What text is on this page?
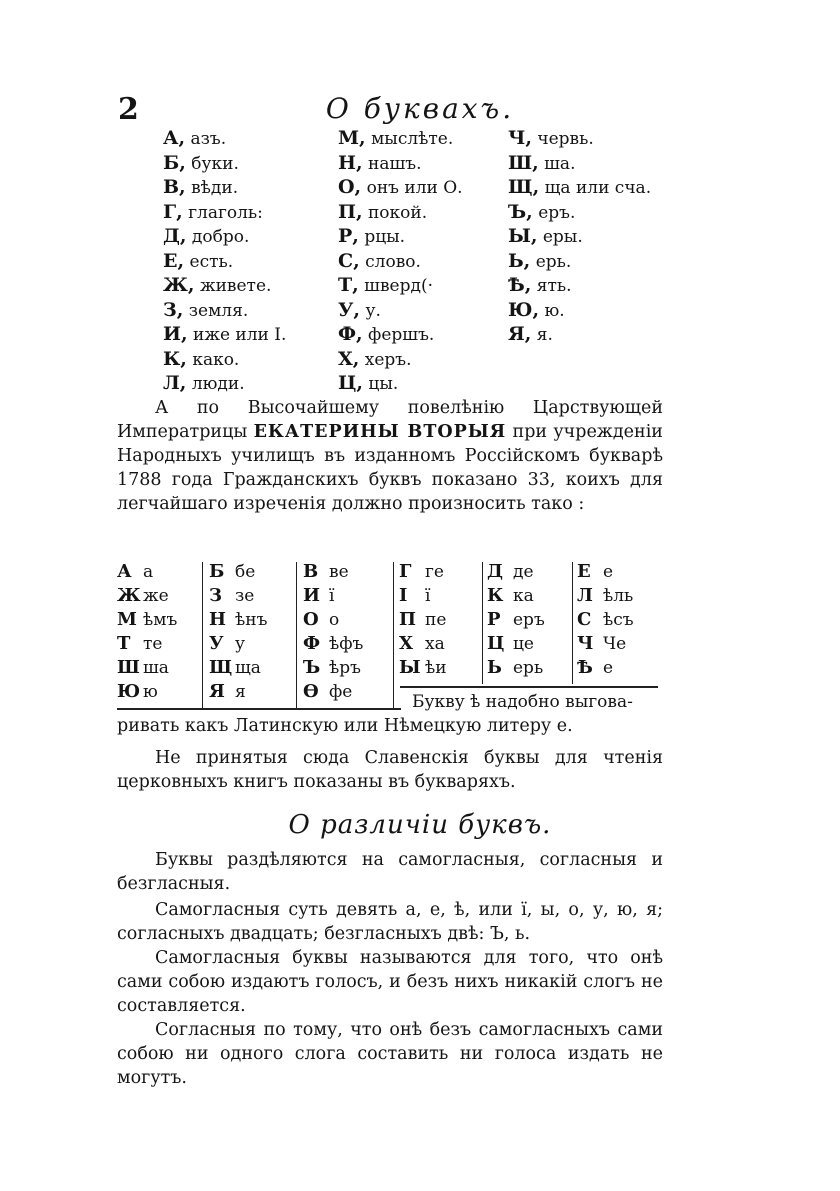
2	О буквахъ.
А, азъ.
Б, буки.
В, вѣди.
Г, глаголь:
Д, добро.
Е, есть.
Ж, живете.
З, земля.
И, иже или І.
К, како.
Л, люди.
М, мыслѣте.
Н, нашъ.
О, онъ или О.
П, покой.
Р, рцы.
С, слово.
Т, шверд(·
У, у.
Ф, фершъ.
Х, херъ.
Ц, цы.
Ч, червь.
Ш, ша.
Щ, ща или сча.
Ъ, еръ.
Ы, еры.
Ь, ерь.
Ѣ, ять.
Ю, ю.
Я, я.

А по Высочайшему повелѣнію Царствующей Императрицы ЕКАТЕРИНЫ ВТОРЫЯ при учрежденіи Народныхъ училищъ въ изданномъ Россійскомъ букварѣ 1788 года Гражданскихъ буквъ показано 33, коихъ для легчайшаго изреченія должно произносить тако :

А а
Ж же
М ѣмъ
Т те
Ш ша
Ю ю
Б бе
З зе
Н ѣнъ
У у
Щ ща
Я я
В ве
И ї
О о
Ф ѣфъ
Ъ ѣръ
Ѳ фе
Г ге
І ї
П пе
Х ха
Ы ѣи
Д де
К ка
Р еръ
Ц це
Ь ерь
Е е
Л ѣль
С ѣсъ
Ч Че
Ѣ е
Букву ѣ надобно выгова-

ривать какъ Латинскую или Нѣмецкую литеру е.

Не принятыя сюда Славенскія буквы для чтенія церковныхъ книгъ показаны въ букваряхъ.

О различіи буквъ.

Буквы раздѣляются на самогласныя, согласныя и безгласныя.

Самогласныя суть девять а, е, ѣ, или ї, ы, о, у, ю, я; согласныхъ двадцать; безгласныхъ двѣ: Ъ, ь.

Самогласныя буквы называются для того, что онѣ сами собою издаютъ голосъ, и безъ нихъ никакій слогъ не составляется.

Согласныя по тому, что онѣ безъ самогласныхъ сами собою ни одного слога составить ни голоса издать не могутъ.
